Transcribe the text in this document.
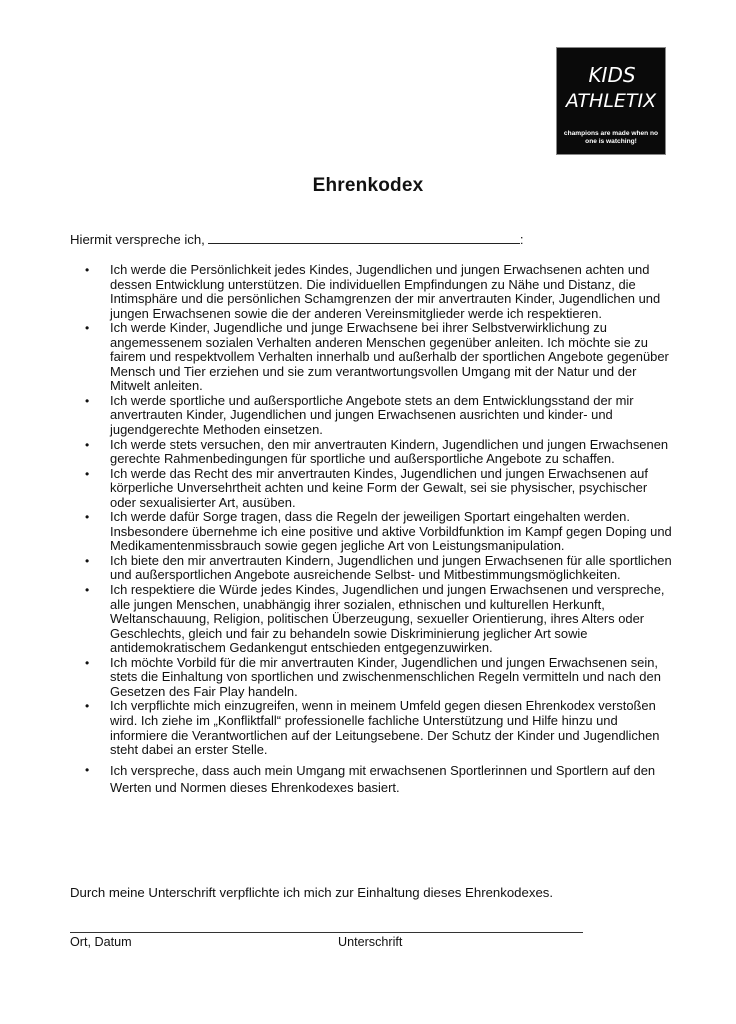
KIDS
ATHLETIX
champions are made when no
one is watching!
Ehrenkodex
Hiermit verspreche ich,	:
• Ich werde die Persönlichkeit jedes Kindes, Jugendlichen und jungen Erwachsenen achten und dessen Entwicklung unterstützen. Die individuellen Empfindungen zu Nähe und Distanz, die Intimsphäre und die persönlichen Schamgrenzen der mir anvertrauten Kinder, Jugendlichen und jungen Erwachsenen sowie die der anderen Vereinsmitglieder werde ich respektieren.
• Ich werde Kinder, Jugendliche und junge Erwachsene bei ihrer Selbstverwirklichung zu angemessenem sozialen Verhalten anderen Menschen gegenüber anleiten. Ich möchte sie zu fairem und respektvollem Verhalten innerhalb und außerhalb der sportlichen Angebote gegenüber Mensch und Tier erziehen und sie zum verantwortungsvollen Umgang mit der Natur und der Mitwelt anleiten.
• Ich werde sportliche und außersportliche Angebote stets an dem Entwicklungsstand der mir anvertrauten Kinder, Jugendlichen und jungen Erwachsenen ausrichten und kinder- und jugendgerechte Methoden einsetzen.
• Ich werde stets versuchen, den mir anvertrauten Kindern, Jugendlichen und jungen Erwachsenen gerechte Rahmenbedingungen für sportliche und außersportliche Angebote zu schaffen.
• Ich werde das Recht des mir anvertrauten Kindes, Jugendlichen und jungen Erwachsenen auf körperliche Unversehrtheit achten und keine Form der Gewalt, sei sie physischer, psychischer oder sexualisierter Art, ausüben.
• Ich werde dafür Sorge tragen, dass die Regeln der jeweiligen Sportart eingehalten werden. Insbesondere übernehme ich eine positive und aktive Vorbildfunktion im Kampf gegen Doping und Medikamentenmissbrauch sowie gegen jegliche Art von Leistungsmanipulation.
• Ich biete den mir anvertrauten Kindern, Jugendlichen und jungen Erwachsenen für alle sportlichen und außersportlichen Angebote ausreichende Selbst- und Mitbestimmungsmöglichkeiten.
• Ich respektiere die Würde jedes Kindes, Jugendlichen und jungen Erwachsenen und verspreche, alle jungen Menschen, unabhängig ihrer sozialen, ethnischen und kulturellen Herkunft, Weltanschauung, Religion, politischen Überzeugung, sexueller Orientierung, ihres Alters oder Geschlechts, gleich und fair zu behandeln sowie Diskriminierung jeglicher Art sowie antidemokratischem Gedankengut entschieden entgegenzuwirken.
• Ich möchte Vorbild für die mir anvertrauten Kinder, Jugendlichen und jungen Erwachsenen sein, stets die Einhaltung von sportlichen und zwischenmenschlichen Regeln vermitteln und nach den Gesetzen des Fair Play handeln.
• Ich verpflichte mich einzugreifen, wenn in meinem Umfeld gegen diesen Ehrenkodex verstoßen wird. Ich ziehe im „Konfliktfall“ professionelle fachliche Unterstützung und Hilfe hinzu und informiere die Verantwortlichen auf der Leitungsebene. Der Schutz der Kinder und Jugendlichen steht dabei an erster Stelle.
• Ich verspreche, dass auch mein Umgang mit erwachsenen Sportlerinnen und Sportlern auf den Werten und Normen dieses Ehrenkodexes basiert.
Durch meine Unterschrift verpflichte ich mich zur Einhaltung dieses Ehrenkodexes.
Ort, Datum	Unterschrift
